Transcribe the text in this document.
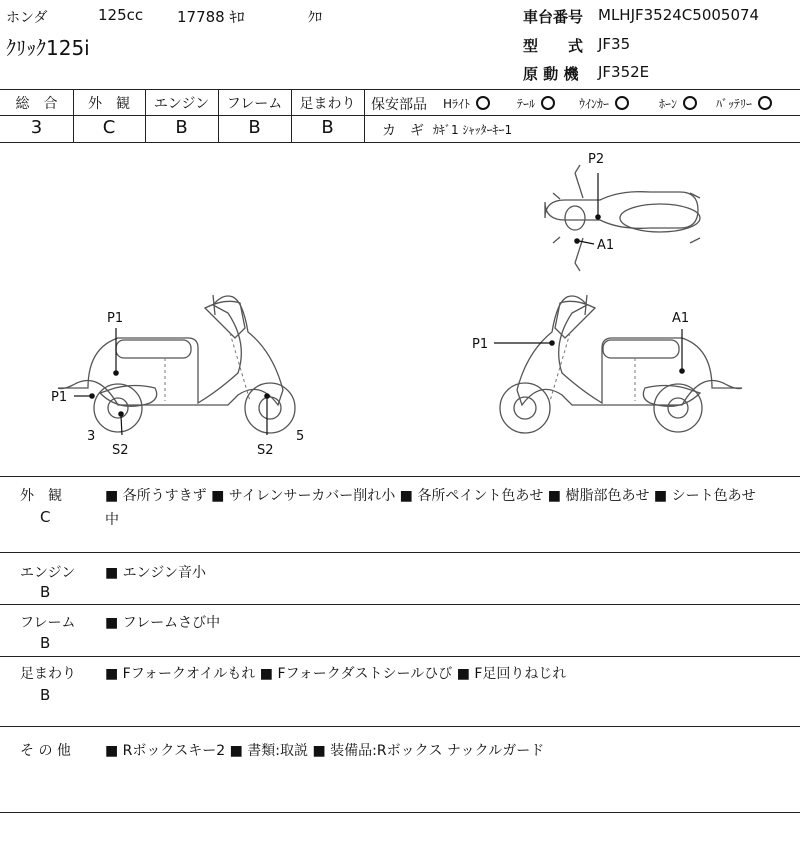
ホンダ	125cc 17788 ｷﾛ	ｸﾛ
ｸﾘｯｸ125i
車台番号 MLHJF3524C5005074
型　　式 JF35
原 動 機 JF352E
総　合	外　観	エンジン	フレーム	足まわり
3	C	B	B	B
保安部品 Hﾗｲﾄ	ﾃｰﾙ	ｳｲﾝｶｰ	ﾎｰﾝ	ﾊﾞｯﾃﾘｰ
カ　ギ ｶｷﾞ1 ｼｬｯﾀｰｷｰ1
P2
A1
P1
P1
3
S2	S2
5
P1
A1
外　観
C
■ 各所うすきず ■ サイレンサーカバー削れ小 ■ 各所ペイント色あせ ■ 樹脂部色あせ ■ シート色あせ
中
エンジン
B
■ エンジン音小
フレーム
B
■ フレームさび中
足まわり
B
■ Fフォークオイルもれ ■ Fフォークダストシールひび ■ F足回りねじれ
そ の 他 ■ Rボックスキー2 ■ 書類:取説 ■ 装備品:Rボックス ナックルガード
